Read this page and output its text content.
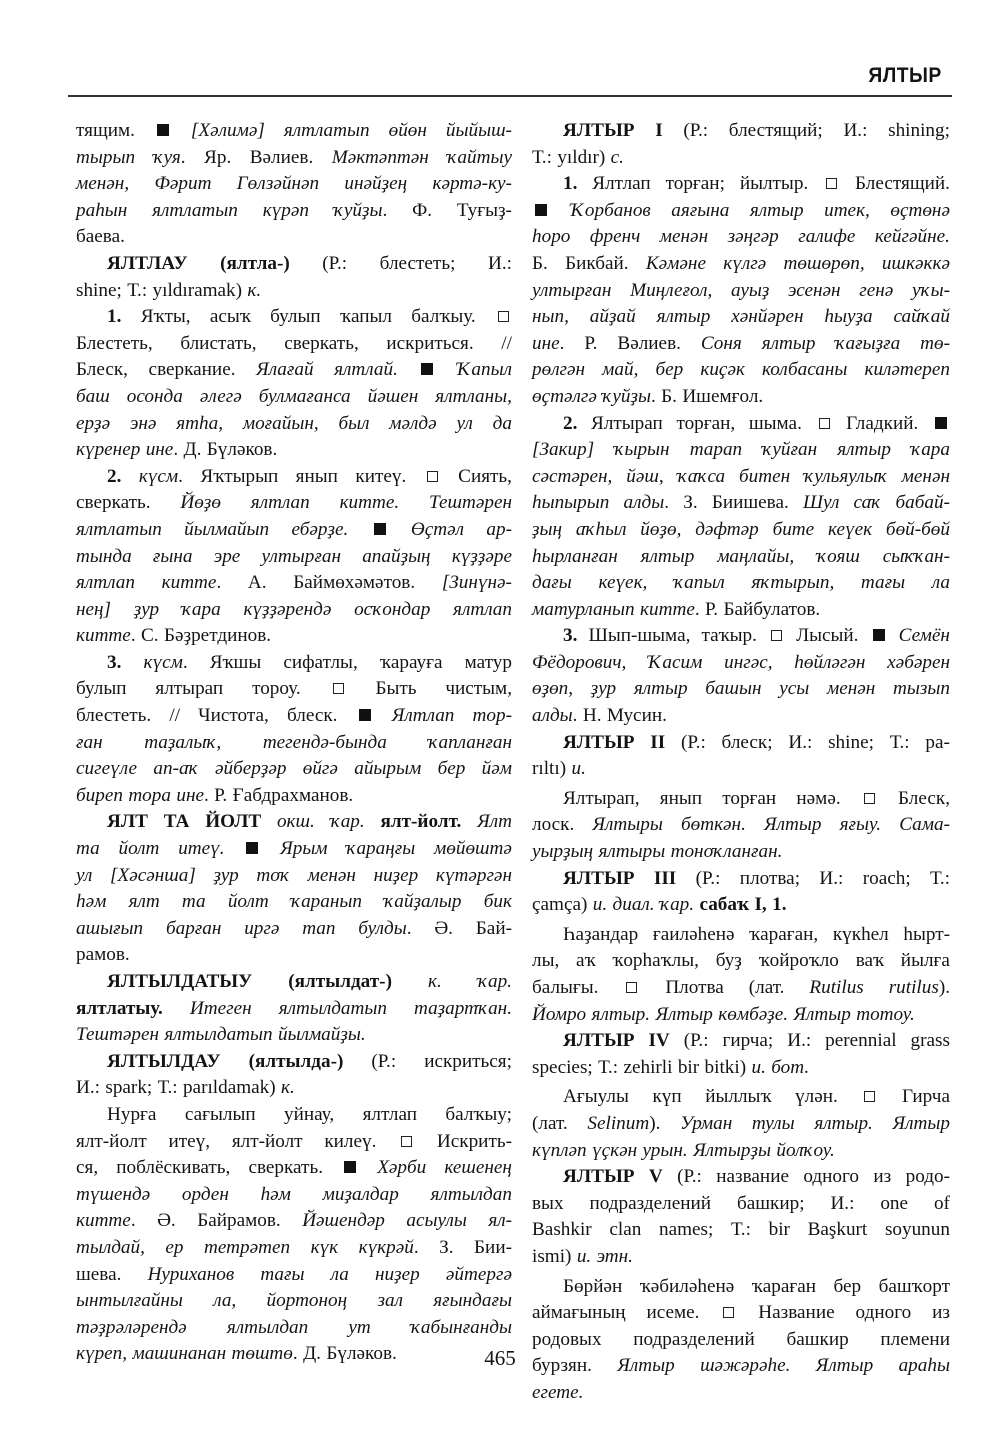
ЯЛТЫР
тящим.	[Хәлимә] ялтлатып өйөн йыйыш-
тырып ҡуя. Яр. Вәлиев. Мәктәптән ҡайтыу
менән, Фәрит Гөлзәйнәп инәйҙең кәртә-ку-
раһын ялтлатып күрәп ҡуйҙы. Ф. Туғыҙ-
баева.
ЯЛТЛАУ (ялтла-) (Р.: блестеть; И.:
shine; Т.: yıldıramak) к.
1. Яҡты, асыҡ булып ҡапыл балҡыу.
Блестеть, блистать, сверкать, искриться. //
Блеск, сверкание. Ялағай ялтлай.	Ҡапыл
баш осонда әлегә булмағанса йәшен ялтланы,
ерҙә энә ятһа, моғайын, был мәлдә ул да
күренер ине. Д. Бүләков.
2. күсм. Яҡтырып янып китеү.	Сиять,
сверкать. Йөҙө ялтлап китте. Тештәрен
ялтлатып йылмайып ебәрҙе.	Өҫтәл ар-
тында ғына эре ултырған апайҙың күҙҙәре
ялтлап китте. А. Баймөхәмәтов. [Зинүнә-
нең] ҙур ҡара күҙҙәрендә осҡондар ялтлап
китте. С. Бәҙретдинов.
3. күсм. Яҡшы сифатлы, ҡарауға матур
булып ялтырап тороу.	Быть чистым,
блестеть. // Чистота, блеск.	Ялтлап тор-
ған таҙалыҡ, тегендә-бында ҡапланған
сигеүле ап-аҡ әйберҙәр өйгә айырым бер йәм
биреп тора ине. Р. Ғабдрахманов.
ЯЛТ ТА ЙОЛТ окш. ҡар. ялт-йолт. Ялт
та йолт итеү.	Ярым ҡараңғы мөйөштә
ул [Хәсәнша] ҙур тоҡ менән ниҙер күтәргән
һәм ялт та йолт ҡаранып ҡайҙалыр бик
ашығып барған иргә тап булды. Ә. Бай-
рамов.
ЯЛТЫЛДАТЫУ (ялтылдат-) к. ҡар.
ялтлатыу. Итеген ялтылдатып таҙартҡан.
Тештәрен ялтылдатып йылмайҙы.
ЯЛТЫЛДАУ (ялтылда-) (Р.: искриться;
И.: spark; Т.: parıldamak) к.
Нурға сағылып уйнау, ялтлап балҡыу;
ялт-йолт итеү, ялт-йолт килеү.	Искрить-
ся, поблёскивать, сверкать.	Хәрби кешенең
түшендә орден һәм миҙалдар ялтылдап
китте. Ә. Байрамов. Йәшендәр асыулы ял-
тылдай, ер тетрәтеп күк күкрәй. З. Бии-
шева. Нуриханов тағы ла ниҙер әйтергә
ынтылғайны ла, йортоноң зал яғындағы
тәҙрәләрендә ялтылдап ут ҡабынғанды
күреп, машинанан төштө. Д. Бүләков.
ЯЛТЫР I (Р.: блестящий; И.: shining;
Т.: yıldır) с.
1. Ялтлап торған; йылтыр. Блестящий.
Ҡорбанов аяғына ялтыр итек, өҫтөнә
һоро френч менән зәңгәр галифе кейгәйне.
Б. Бикбай. Кәмәне күлгә төшөрөп, ишкәккә
ултырған Миңлеғол, ауыҙ эсенән генә уҡы-
нып, айҙай ялтыр хәнйәрен һыуҙа сайҡай
ине. Р. Вәлиев. Соня ялтыр ҡағыҙға тө-
рөлгән май, бер киҫәк колбасаны киләтереп
өҫтәлгә ҡуйҙы. Б. Ишемғол.
2. Ялтырап торған, шыма. Гладкий.
[Закир] ҡырын тарап ҡуйған ялтыр ҡара
сәстәрен, йәш, ҡаҡса битен ҡульяулыҡ менән
һыпырып алды. З. Биишева. Шул саҡ бабай-
ҙың аҡһыл йөҙө, дәфтәр бите кеүек бөй-бөй
һырланған ялтыр маңлайы, ҡояш сыҡҡан-
дағы кеүек, ҡапыл яҡтырып, тағы ла
матурланып китте. Р. Байбулатов.
3. Шып-шыма, таҡыр. Лысый. Семён
Фёдорович, Ҡасим ингәс, һөйләгән хәбәрен
өҙөп, ҙур ялтыр башын усы менән тызып
алды. Н. Мусин.
ЯЛТЫР II (Р.: блеск; И.: shine; Т.: pa-
rıltı) и.
Ялтырап, янып торған нәмә.	Блеск,
лоск. Ялтыры бөткән. Ялтыр яғыу. Сама-
уырҙың ялтыры тоноҡланған.
ЯЛТЫР III (Р.: плотва; И.: roach; Т.:
çamça) и. диал. ҡар. сабаҡ I, 1.
Һаҙандар ғаиләһенә ҡараған, күкһел һырт-
лы, аҡ ҡорһаҡлы, буҙ ҡойроҡло ваҡ йылға
балығы.	Плотва (лат. Rutilus rutilus).
Йомро ялтыр. Ялтыр көмбәҙе. Ялтыр тотоу.
ЯЛТЫР IV (Р.: гирча; И.: perennial grass
species; Т.: zehirli bir bitki) и. бот.
Ағыулы күп йыллыҡ үлән.	Гирча
(лат. Selinum). Урман тулы ялтыр. Ялтыр
күпләп үҫкән урын. Ялтырҙы йолҡоу.
ЯЛТЫР V (Р.: название одного из родо-
вых подразделений башкир; И.: one of
Bashkir clan names; Т.: bir Başkurt soyunun
ismi) и. этн.
Бөрйән ҡәбиләһенә ҡараған бер башҡорт
аймағының исеме.	Название одного из
родовых подразделений башкир племени
бурзян. Ялтыр шәжәрәһе. Ялтыр араһы
егете.
465
